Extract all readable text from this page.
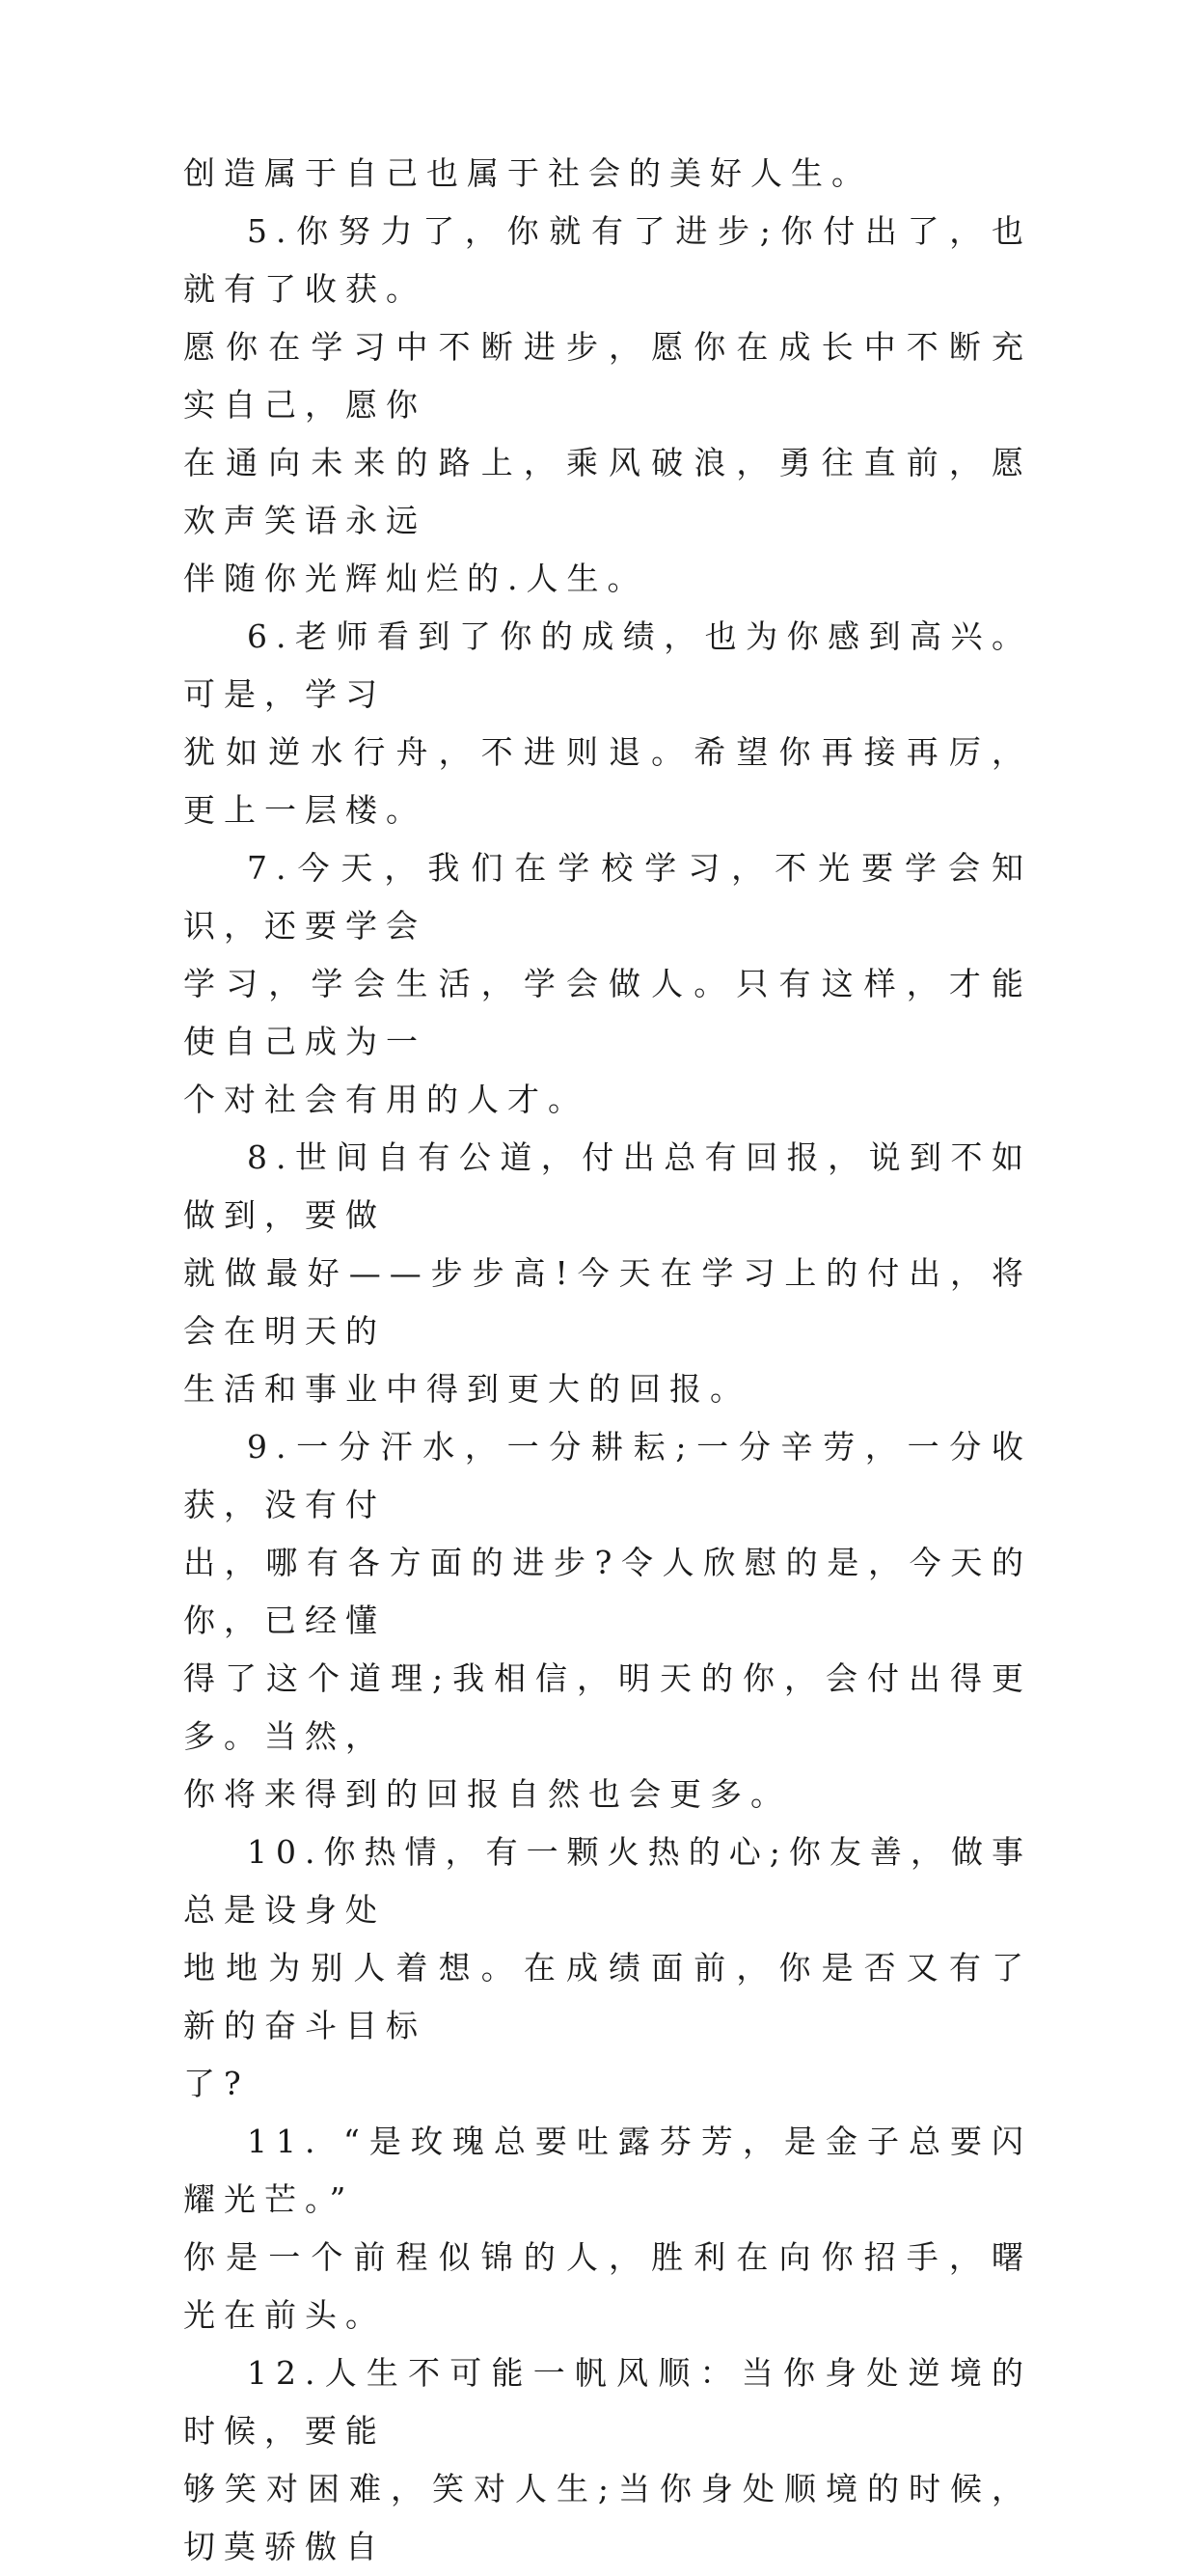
创造属于自己也属于社会的美好人生。

5.你努力了，你就有了进步;你付出了，也就有了收获。
愿你在学习中不断进步，愿你在成长中不断充实自己，愿你
在通向未来的路上，乘风破浪，勇往直前，愿欢声笑语永远
伴随你光辉灿烂的.人生。

6.老师看到了你的成绩，也为你感到高兴。可是，学习
犹如逆水行舟，不进则退。希望你再接再厉，更上一层楼。

7.今天，我们在学校学习，不光要学会知识，还要学会
学习，学会生活，学会做人。只有这样，才能使自己成为一
个对社会有用的人才。

8.世间自有公道，付出总有回报，说到不如做到，要做
就做最好——步步高!今天在学习上的付出，将会在明天的
生活和事业中得到更大的回报。

9.一分汗水，一分耕耘;一分辛劳，一分收获，没有付
出，哪有各方面的进步?令人欣慰的是，今天的你，已经懂
得了这个道理;我相信，明天的你，会付出得更多。当然，
你将来得到的回报自然也会更多。

10.你热情，有一颗火热的心;你友善，做事总是设身处
地地为别人着想。在成绩面前，你是否又有了新的奋斗目标
了?

11. “是玫瑰总要吐露芬芳，是金子总要闪耀光芒。”
你是一个前程似锦的人，胜利在向你招手，曙光在前头。

12.人生不可能一帆风顺：当你身处逆境的时候，要能
够笑对困难，笑对人生;当你身处顺境的时候，切莫骄傲自
